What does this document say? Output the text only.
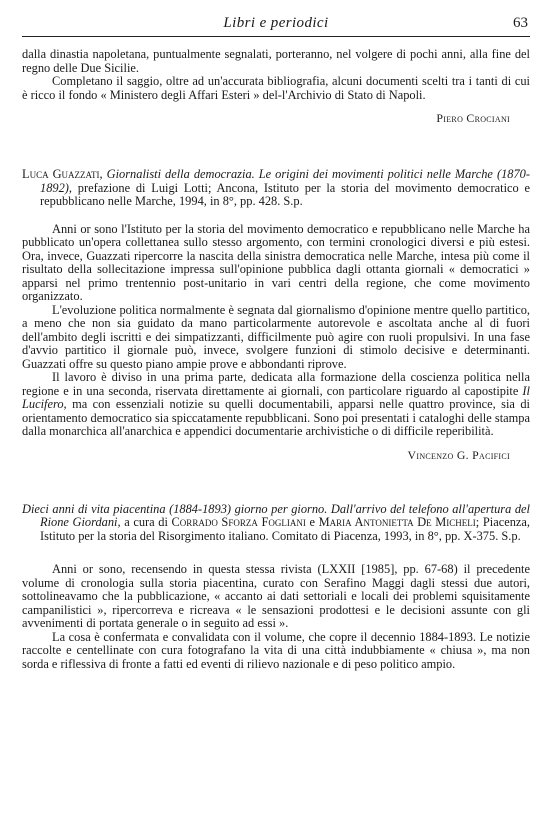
Libri e periodici	63

dalla dinastia napoletana, puntualmente segnalati, porteranno, nel volgere di pochi anni, alla fine del regno delle Due Sicilie.

Completano il saggio, oltre ad un'accurata bibliografia, alcuni documenti scelti tra i tanti di cui è ricco il fondo « Ministero degli Affari Esteri » del-l'Archivio di Stato di Napoli.

Piero Crociani
Luca Guazzati, Giornalisti della democrazia. Le origini dei movimenti politici nelle Marche (1870-1892), prefazione di Luigi Lotti; Ancona, Istituto per la storia del movimento democratico e repubblicano nelle Marche, 1994, in 8°, pp. 428. S.p.

Anni or sono l'Istituto per la storia del movimento democratico e repubblicano nelle Marche ha pubblicato un'opera collettanea sullo stesso argomento, con termini cronologici diversi e più estesi. Ora, invece, Guazzati ripercorre la nascita della sinistra democratica nelle Marche, intesa più come il risultato della sollecitazione impressa sull'opinione pubblica dagli ottanta giornali « democratici » apparsi nel primo trentennio post-unitario in vari centri della regione, che come movimento organizzato.

L'evoluzione politica normalmente è segnata dal giornalismo d'opinione mentre quello partitico, a meno che non sia guidato da mano particolarmente autorevole e ascoltata anche al di fuori dell'ambito degli iscritti e dei simpatizzanti, difficilmente può agire con ruoli propulsivi. In una fase d'avvio partitico il giornale può, invece, svolgere funzioni di stimolo decisive e determinanti. Guazzati offre su questo piano ampie prove e abbondanti riprove.

Il lavoro è diviso in una prima parte, dedicata alla formazione della coscienza politica nella regione e in una seconda, riservata direttamente ai giornali, con particolare riguardo al capostipite Il Lucifero, ma con essenziali notizie su quelli documentabili, apparsi nelle quattro province, sia di orientamento democratico sia spiccatamente repubblicani. Sono poi presentati i cataloghi delle stampa dalla monarchica all'anarchica e appendici documentarie archivistiche o di difficile reperibilità.

Vincenzo G. Pacifici
Dieci anni di vita piacentina (1884-1893) giorno per giorno. Dall'arrivo del telefono all'apertura del Rione Giordani, a cura di Corrado Sforza Fogliani e Maria Antonietta De Micheli; Piacenza, Istituto per la storia del Risorgimento italiano. Comitato di Piacenza, 1993, in 8°, pp. X-375. S.p.

Anni or sono, recensendo in questa stessa rivista (LXXII [1985], pp. 67-68) il precedente volume di cronologia sulla storia piacentina, curato con Serafino Maggi dagli stessi due autori, sottolineavamo che la pubblicazione, « accanto ai dati settoriali e locali dei problemi squisitamente campanilistici », ripercorreva e ricreava « le sensazioni prodottesi e le decisioni assunte con gli avvenimenti di portata generale o in seguito ad essi ».

La cosa è confermata e convalidata con il volume, che copre il decennio 1884-1893. Le notizie raccolte e centellinate con cura fotografano la vita di una città indubbiamente « chiusa », ma non sorda e riflessiva di fronte a fatti ed eventi di rilievo nazionale e di peso politico ampio.
